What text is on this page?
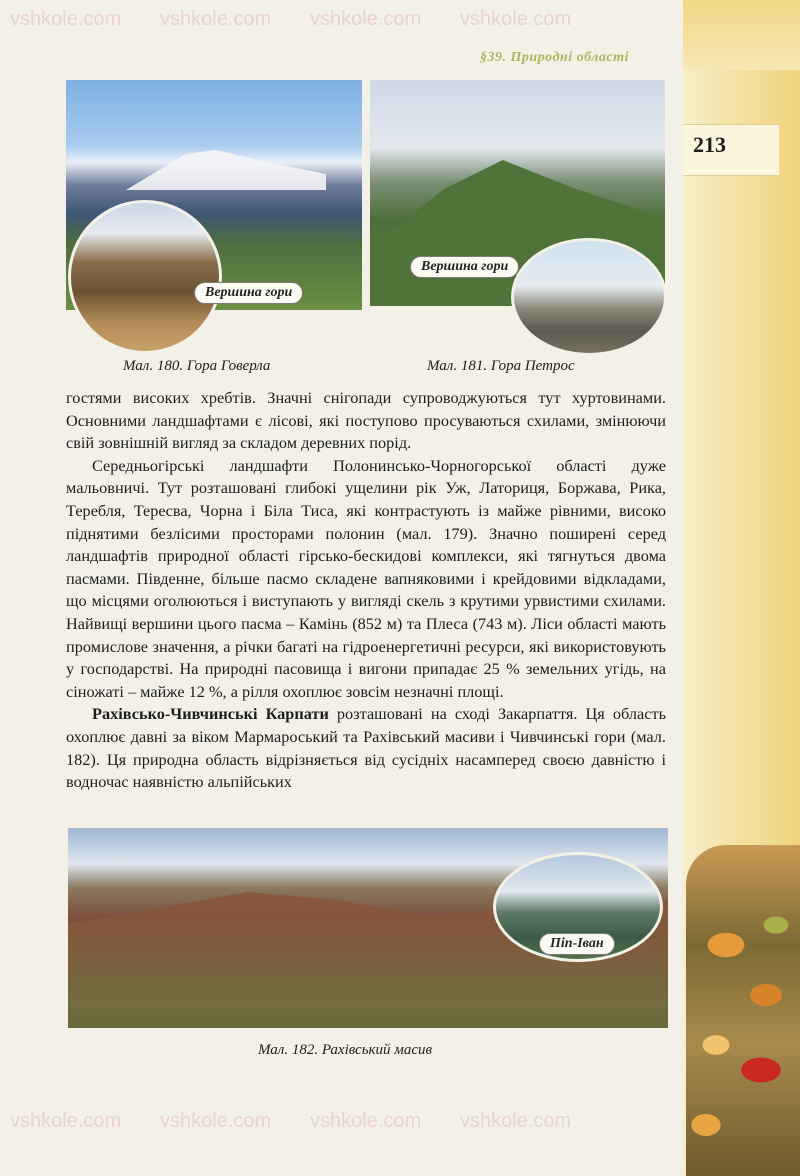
vshkole.com vshkole.com vshkole.com vshkole.com
vshkole.com vshkole.com vshkole.com vshkole.com
213
§39. Природні області
Вершина гори
Мал. 180. Гора Говерла
Вершина гори
Мал. 181. Гора Петрос

гостями високих хребтів. Значні снігопади супроводжуються тут хуртовинами. Основними ландшафтами є лісові, які поступово просуваються схилами, змінюючи свій зовнішній вигляд за складом деревних порід.

Середньогірські ландшафти Полонинсько-Чорногорської області дуже мальовничі. Тут розташовані глибокі ущелини рік Уж, Латориця, Боржава, Рика, Теребля, Тереcва, Чорна і Біла Тиса, які контрастують із майже рівними, високо піднятими безлісими просторами полонин (мал. 179). Значно поширені серед ландшафтів природної області гірсько-бескидові комплекси, які тягнуться двома пасмами. Південне, більше пасмо складене вапняковими і крейдовими відкладами, що місцями оголюються і виступають у вигляді скель з крутими урвистими схилами. Найвищі вершини цього пасма – Камінь (852 м) та Плеса (743 м). Ліси області мають промислове значення, а річки багаті на гідроенергетичні ресурси, які використовують у господарстві. На природні пасовища і вигони припадає 25 % земельних угідь, на сіножаті – майже 12 %, а рілля охоплює зовсім незначні площі.

Рахівсько-Чивчинські Карпати розташовані на сході Закарпаття. Ця область охоплює давні за віком Мармароський та Рахівський масиви і Чивчинські гори (мал. 182). Ця природна область відрізняється від сусідніх насамперед своєю давністю і водночас наявністю альпійських

Піп-Іван
Мал. 182. Рахівський масив
